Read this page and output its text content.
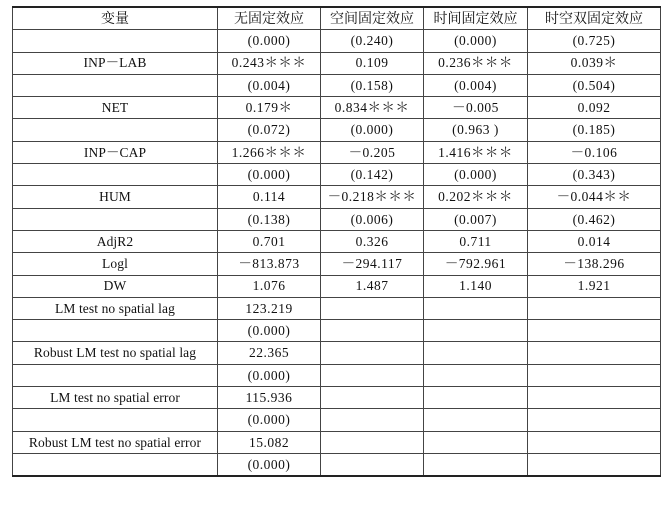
变量	无固定效应	空间固定效应	时间固定效应	时空双固定效应
	(0.000)	(0.240)	(0.000)	(0.725)
INP－LAB	0.243＊＊＊	0.109	0.236＊＊＊	0.039＊
	(0.004)	(0.158)	(0.004)	(0.504)
NET	0.179＊	0.834＊＊＊	－0.005	0.092
	(0.072)	(0.000)	(0.963 )	(0.185)
INP－CAP	1.266＊＊＊	－0.205	1.416＊＊＊	－0.106
	(0.000)	(0.142)	(0.000)	(0.343)
HUM	0.114	－0.218＊＊＊	0.202＊＊＊	－0.044＊＊
	(0.138)	(0.006)	(0.007)	(0.462)
AdjR2	0.701	0.326	0.711	0.014
Logl	－813.873	－294.117	－792.961	－138.296
DW	1.076	1.487	1.140	1.921
LM test no spatial lag	123.219			
	(0.000)			
Robust LM test no spatial lag	22.365			
	(0.000)			
LM test no spatial error	115.936			
	(0.000)			
Robust LM test no spatial error	15.082			
	(0.000)			
